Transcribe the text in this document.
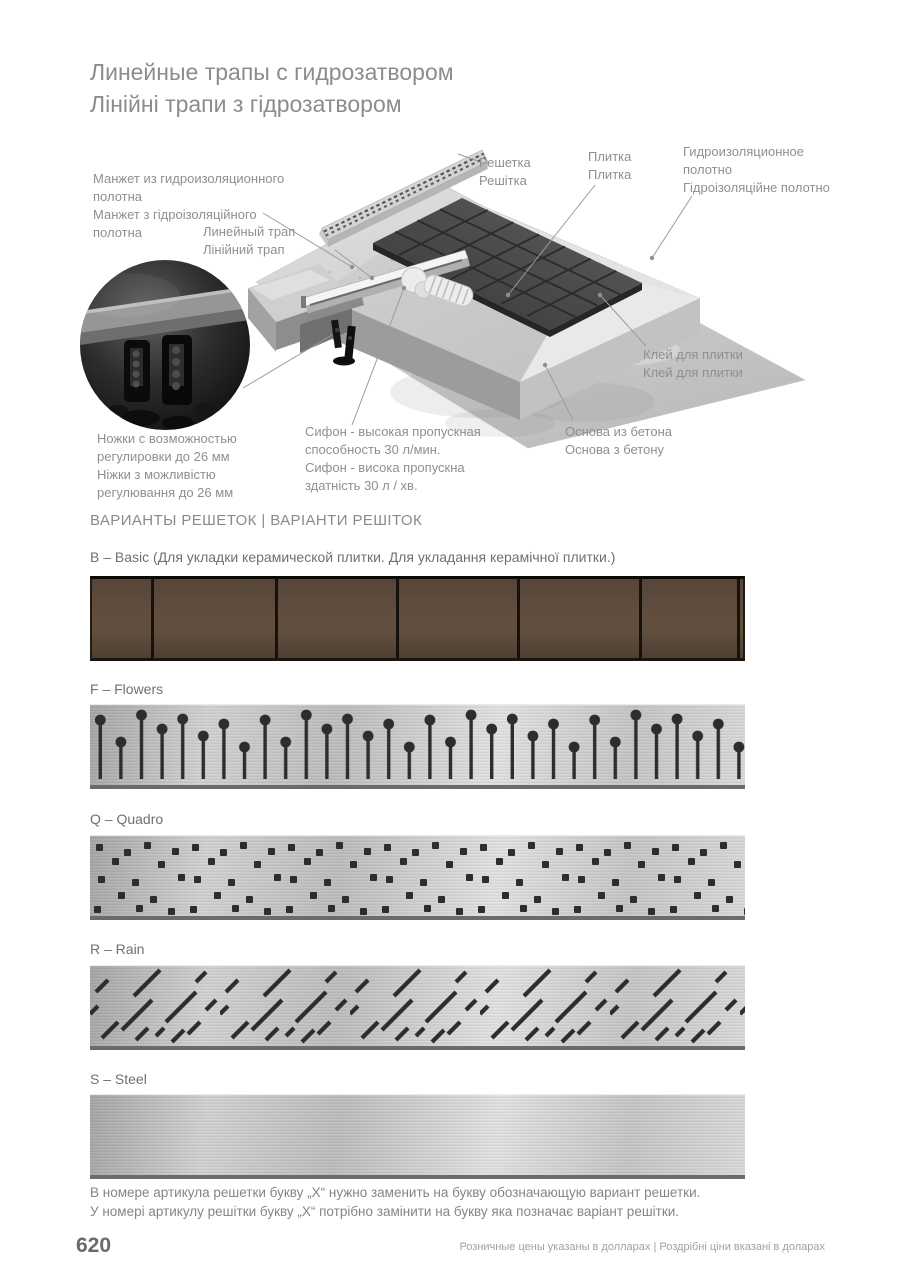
Линейные трапы с гидрозатвором
Лінійні трапи з гідрозатвором
Манжет из гидроизоляционного полотна
Манжет з гідроізоляційного полотна	Линейный трап
Лінійний трап
Решетка
Решітка
Плитка
Плитка
Гидроизоляционное полотно
Гідроізоляційне полотно
Клей для плитки
Клей для плитки
Основа из бетона
Основа з бетону
Ножки с возможностью регулировки до 26 мм
Ніжки з можливістю регулювання до 26 мм
Сифон - высокая пропускная способность 30 л/мин.
Сифон - висока пропускна здатність 30 л / хв.
ВАРИАНТЫ РЕШЕТОК | ВАРІАНТИ РЕШІТОК
B – Basic (Для укладки керамической плитки. Для укладання керамічної плитки.)
F – Flowers
Q – Quadro
R – Rain
S – Steel
В номере артикула решетки букву „X“ нужно заменить на букву обозначающую вариант решетки.
У номері артикулу решітки букву „X“ потрібно замінити на букву яка позначає варіант решітки.
620	Розничные цены указаны в долларах | Роздрібні ціни вказані в доларах
